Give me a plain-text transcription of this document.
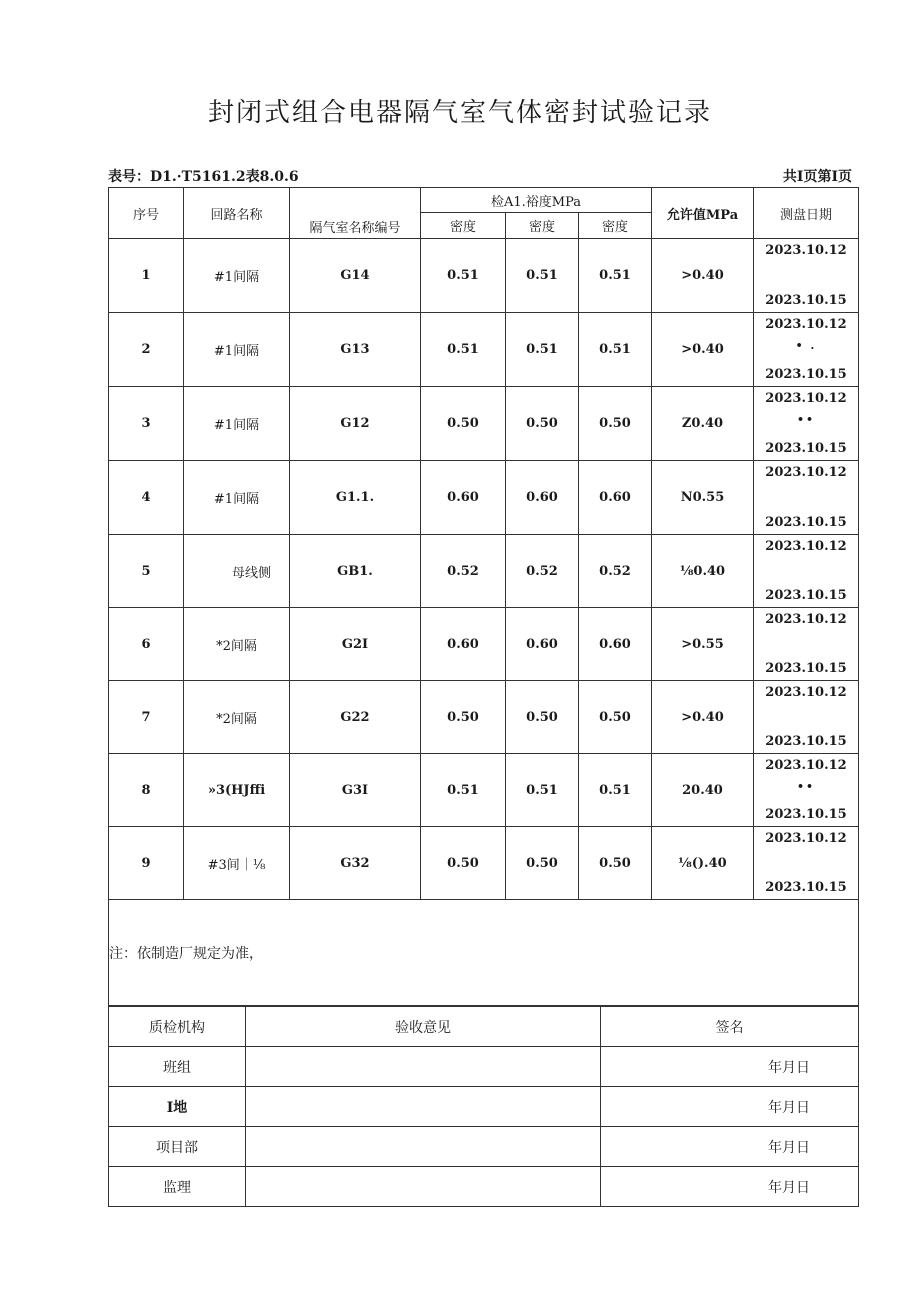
封闭式组合电器隔气室气体密封试验记录
表号：D1.·T5161.2表8.0.6	共I页第I页
序号	回路名称	隔气室名称编号	检A1.裕度MPa			允许值MPa	测盘日期
			密度	密度	密度		
1	#1间隔	G14	0.51	0.51	0.51	>0.40	2023.10.12
2023.10.15

2	#1间隔	G13	0.51	0.51	0.51	>0.40	2023.10.12
• .
2023.10.15

3	#1间隔	G12	0.50	0.50	0.50	Z0.40	2023.10.12
••
2023.10.15

4	#1间隔	G1.1.	0.60	0.60	0.60	N0.55	2023.10.12
2023.10.15

5	母线侧	GB1.	0.52	0.52	0.52	⅛0.40	2023.10.12
2023.10.15

6	*2间隔	G2I	0.60	0.60	0.60	>0.55	2023.10.12
2023.10.15

7	*2间隔	G22	0.50	0.50	0.50	>0.40	2023.10.12
2023.10.15

8	»3(HJffi	G3I	0.51	0.51	0.51	20.40	2023.10.12
••
2023.10.15

9	#3间｜⅛	G32	0.50	0.50	0.50	⅛().40	2023.10.12
2023.10.15

注：依制造厂规定为准，							
质检机构	验收意见	签名
班组		年月日
I地		年月日
项目部		年月日
监理		年月日
